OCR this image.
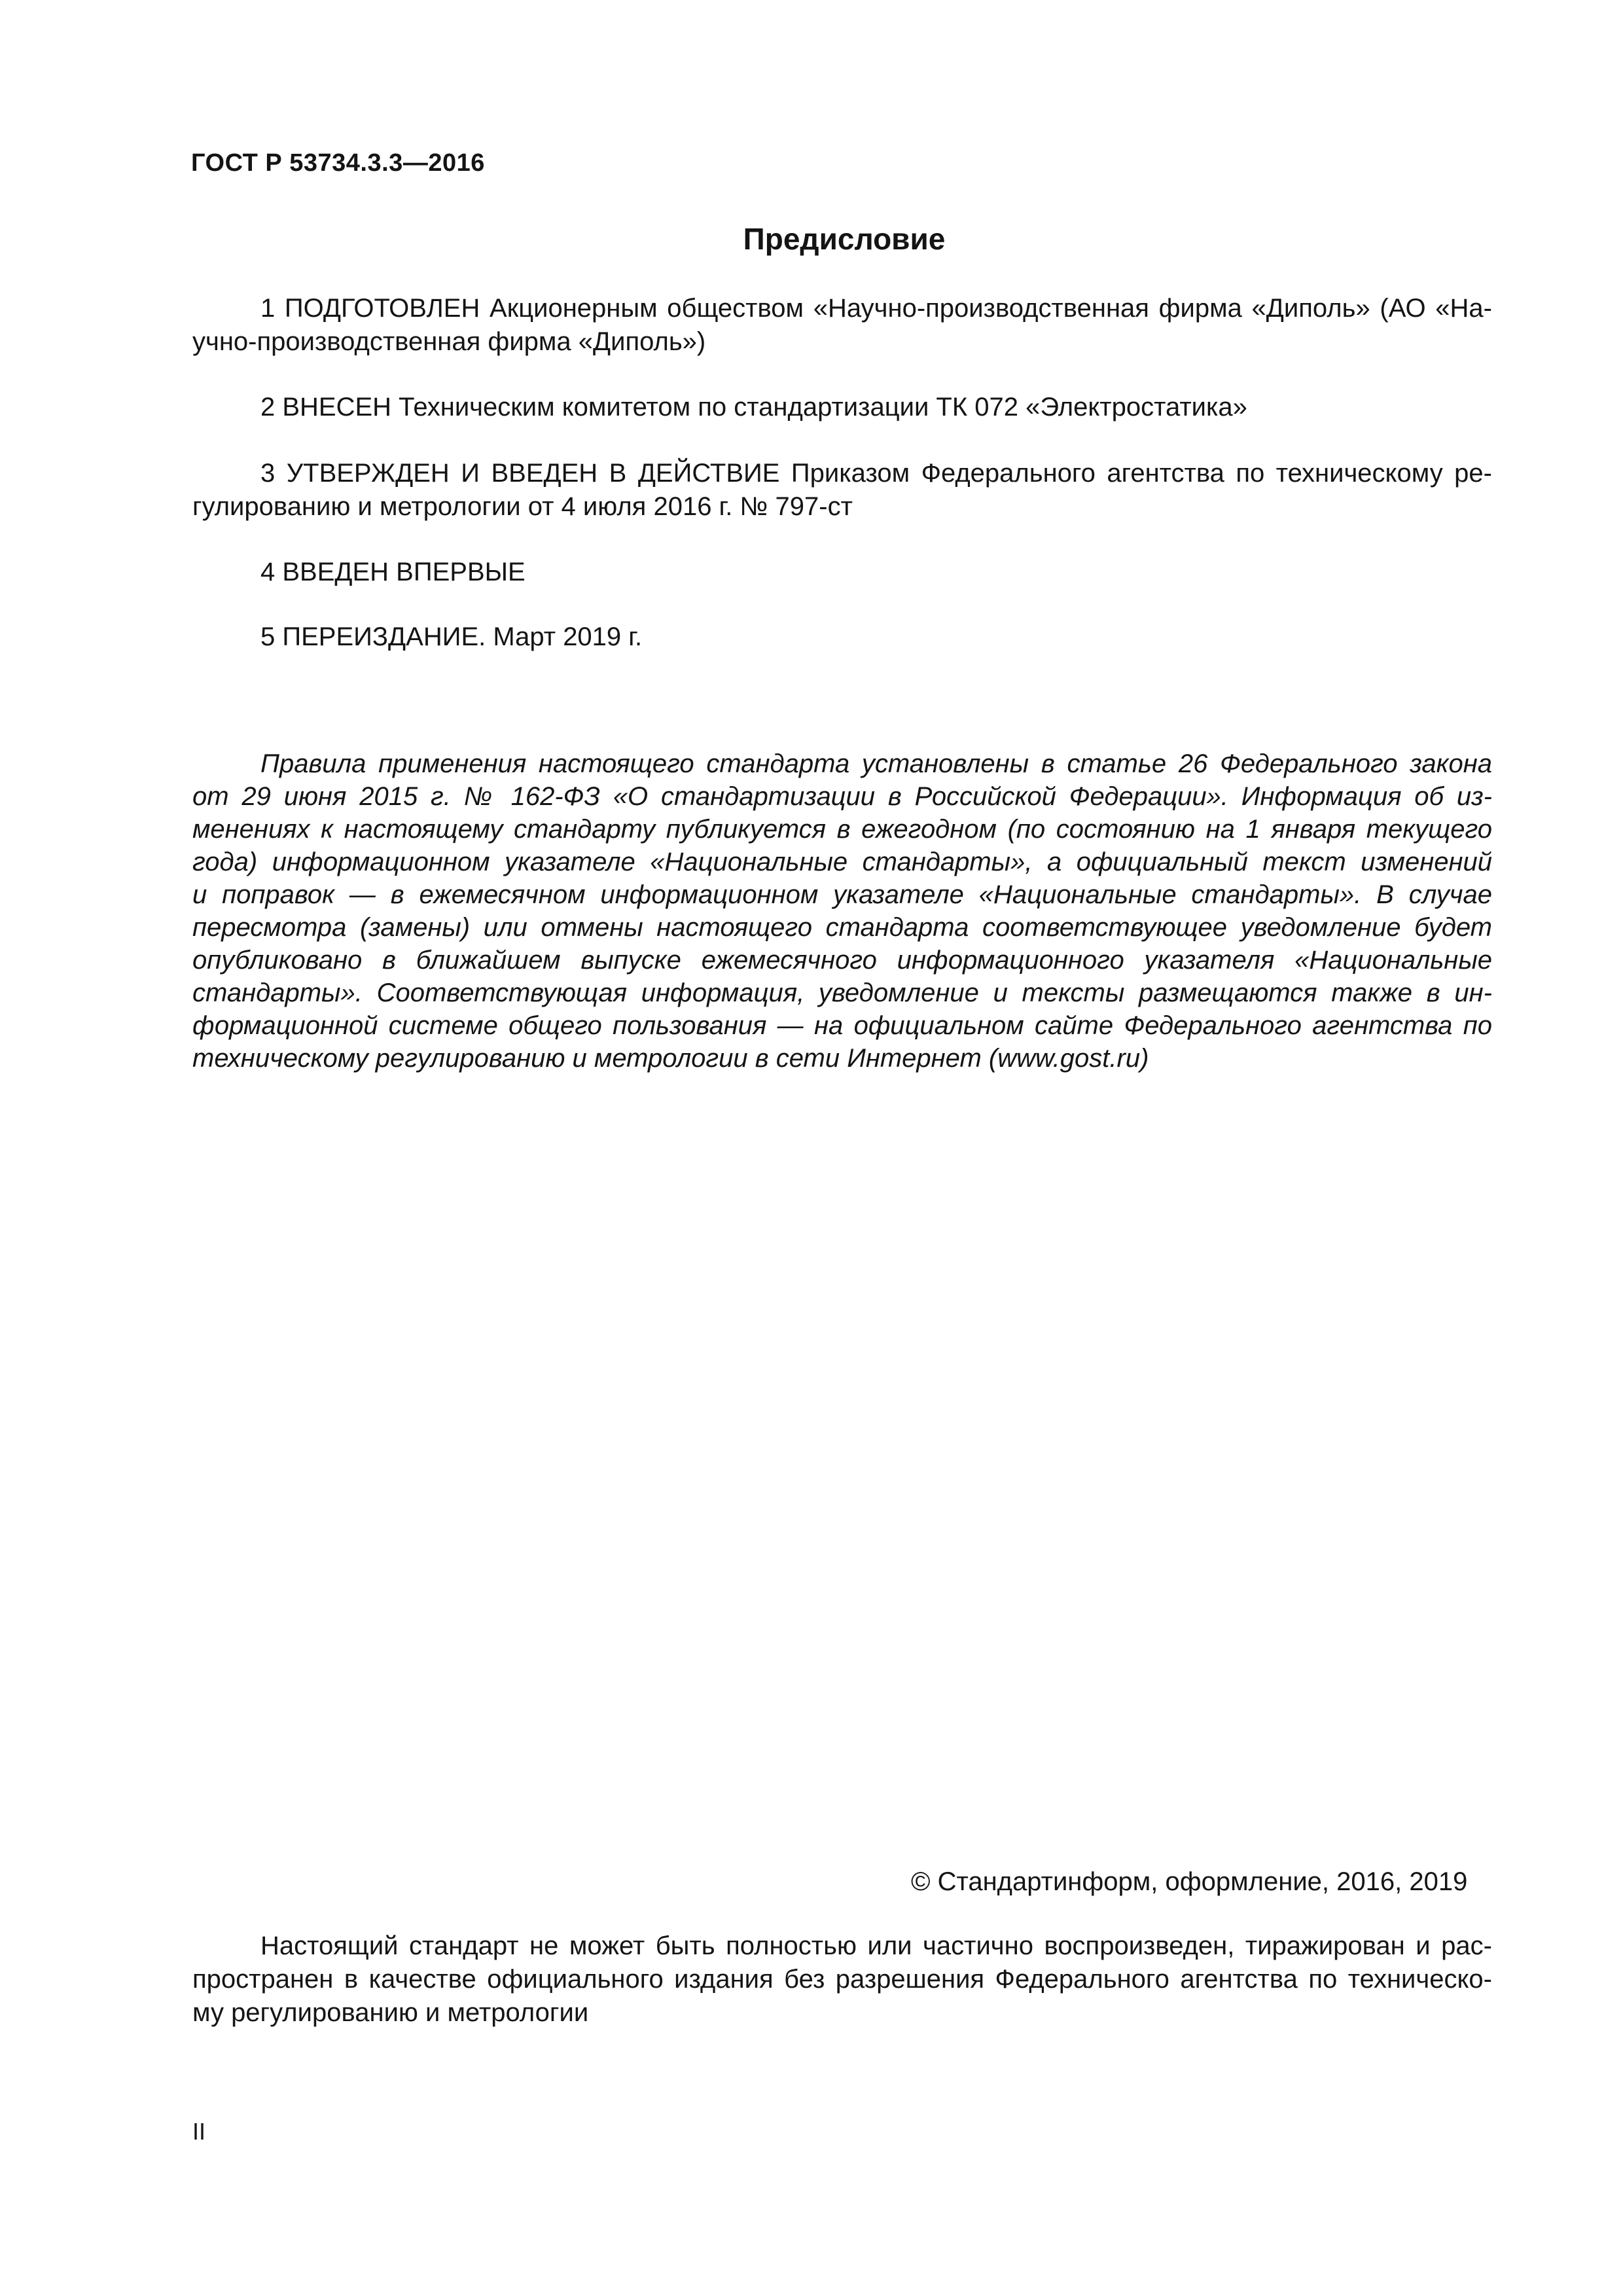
ГОСТ Р 53734.3.3—2016
Предисловие
1 ПОДГОТОВЛЕН Акционерным обществом «Научно-производственная фирма «Диполь» (АО «На-
учно-производственная фирма «Диполь»)
2 ВНЕСЕН Техническим комитетом по стандартизации ТК 072 «Электростатика»
3 УТВЕРЖДЕН И ВВЕДЕН В ДЕЙСТВИЕ Приказом Федерального агентства по техническому ре-
гулированию и метрологии от 4 июля 2016 г. № 797-ст
4 ВВЕДЕН ВПЕРВЫЕ
5 ПЕРЕИЗДАНИЕ. Март 2019 г.
Правила применения настоящего стандарта установлены в статье 26 Федерального закона
от 29 июня 2015 г. № 162-ФЗ «О стандартизации в Российской Федерации». Информация об из-
менениях к настоящему стандарту публикуется в ежегодном (по состоянию на 1 января текущего
года) информационном указателе «Национальные стандарты», а официальный текст изменений
и поправок — в ежемесячном информационном указателе «Национальные стандарты». В случае
пересмотра (замены) или отмены настоящего стандарта соответствующее уведомление будет
опубликовано в ближайшем выпуске ежемесячного информационного указателя «Национальные
стандарты». Соответствующая информация, уведомление и тексты размещаются также в ин-
формационной системе общего пользования — на официальном сайте Федерального агентства по
техническому регулированию и метрологии в сети Интернет (www.gost.ru)
© Стандартинформ, оформление, 2016, 2019
Настоящий стандарт не может быть полностью или частично воспроизведен, тиражирован и рас-
пространен в качестве официального издания без разрешения Федерального агентства по техническо-
му регулированию и метрологии
II
